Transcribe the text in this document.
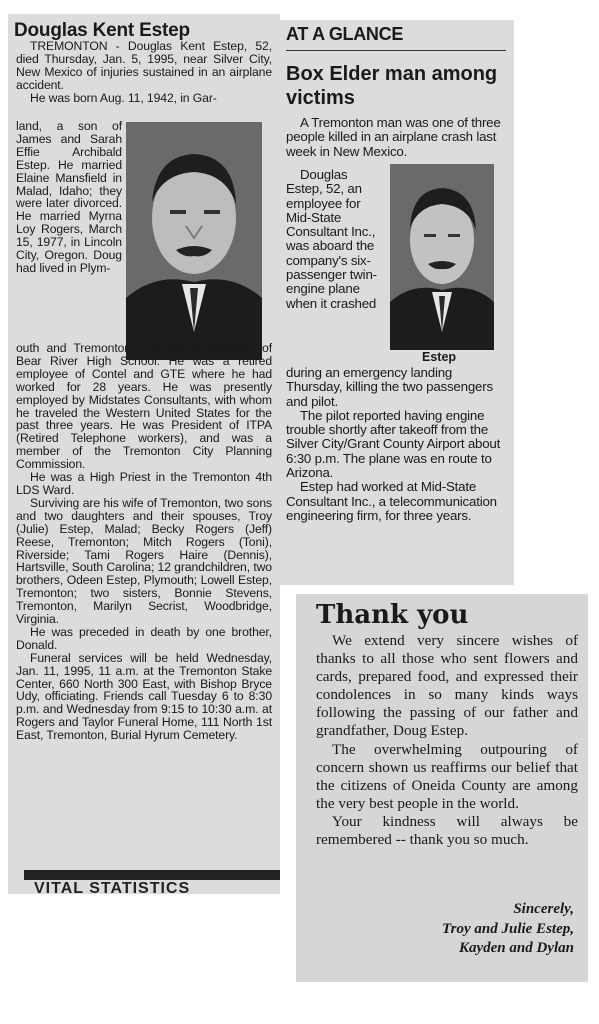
Douglas Kent Estep

TREMONTON - Douglas Kent Estep, 52, died Thursday, Jan. 5, 1995, near Silver City, New Mexico of injuries sustained in an airplane accident.

He was born Aug. 11, 1942, in Gar-

land, a son of James and Sarah Effie Archibald Estep. He married Elaine Mansfield in Malad, Idaho; they were later divorced. He married Myrna Loy Rogers, March 15, 1977, in Lincoln City, Oregon. Doug had lived in Plym-

outh and Tremonton and was a graduate of Bear River High School. He was a retired employee of Contel and GTE where he had worked for 28 years. He was presently employed by Midstates Consultants, with whom he traveled the Western United States for the past three years. He was President of ITPA (Retired Telephone workers), and was a member of the Tremonton City Planning Commission.

He was a High Priest in the Tremonton 4th LDS Ward.

Surviving are his wife of Tremonton, two sons and two daughters and their spouses, Troy (Julie) Estep, Malad; Becky Rogers (Jeff) Reese, Tremonton; Mitch Rogers (Toni), Riverside; Tami Rogers Haire (Dennis), Hartsville, South Carolina; 12 grandchildren, two brothers, Odeen Estep, Plymouth; Lowell Estep, Tremonton; two sisters, Bonnie Stevens, Tremonton, Marilyn Secrist, Woodbridge, Virginia.

He was preceded in death by one brother, Donald.

Funeral services will be held Wednesday, Jan. 11, 1995, 11 a.m. at the Tremonton Stake Center, 660 North 300 East, with Bishop Bryce Udy, officiating. Friends call Tuesday 6 to 8:30 p.m. and Wednesday from 9:15 to 10:30 a.m. at Rogers and Taylor Funeral Home, 111 North 1st East, Tremonton, Burial Hyrum Cemetery.

VITAL STATISTICS
AT A GLANCE
Box Elder man among victims

A Tremonton man was one of three people killed in an airplane crash last week in New Mexico.

Douglas Estep, 52, an employee for Mid-State Consultant Inc., was aboard the company's six-passenger twin-engine plane when it crashed

Estep

during an emergency landing Thursday, killing the two passengers and pilot.

The pilot reported having engine trouble shortly after takeoff from the Silver City/Grant County Airport about 6:30 p.m. The plane was en route to Arizona.

Estep had worked at Mid-State Consultant Inc., a telecommunication engineering firm, for three years.

Thank you

We extend very sincere wishes of thanks to all those who sent flowers and cards, prepared food, and expressed their condolences in so many kinds ways following the passing of our father and grandfather, Doug Estep.

The overwhelming outpouring of concern shown us reaffirms our belief that the citizens of Oneida County are among the very best people in the world.

Your kindness will always be remembered -- thank you so much.

Sincerely,
Troy and Julie Estep,
Kayden and Dylan
